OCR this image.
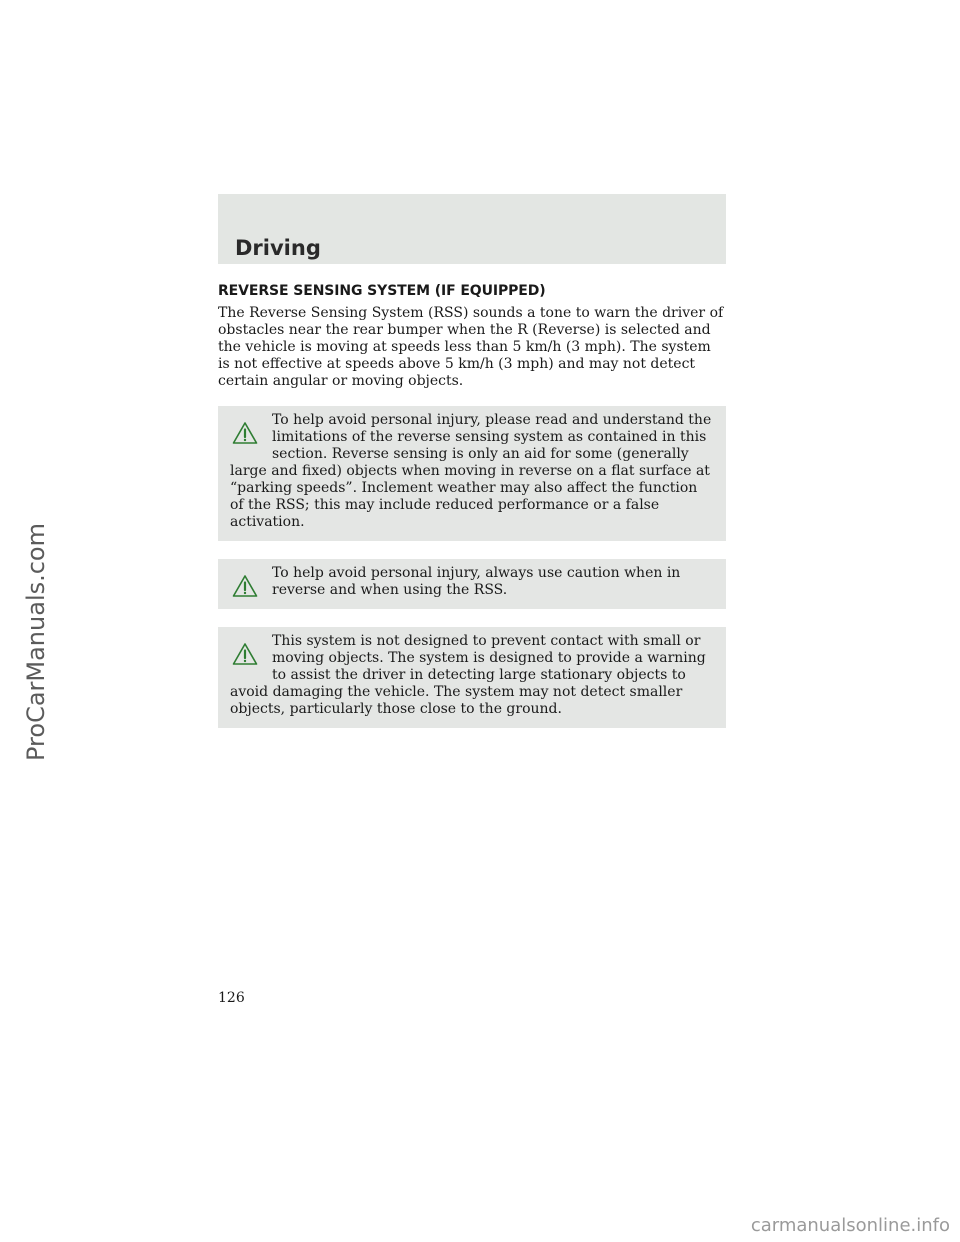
ProCarManuals.com
Driving
REVERSE SENSING SYSTEM (IF EQUIPPED)

The Reverse Sensing System (RSS) sounds a tone to warn the driver of obstacles near the rear bumper when the R (Reverse) is selected and the vehicle is moving at speeds less than 5 km/h (3 mph). The system is not effective at speeds above 5 km/h (3 mph) and may not detect certain angular or moving objects.

To help avoid personal injury, please read and understand the limitations of the reverse sensing system as contained in this section. Reverse sensing is only an aid for some (generally large and fixed) objects when moving in reverse on a flat surface at “parking speeds”. Inclement weather may also affect the function of the RSS; this may include reduced performance or a false activation.
To help avoid personal injury, always use caution when in reverse and when using the RSS.
This system is not designed to prevent contact with small or moving objects. The system is designed to provide a warning to assist the driver in detecting large stationary objects to avoid damaging the vehicle. The system may not detect smaller objects, particularly those close to the ground.
126
carmanualsonline.info
